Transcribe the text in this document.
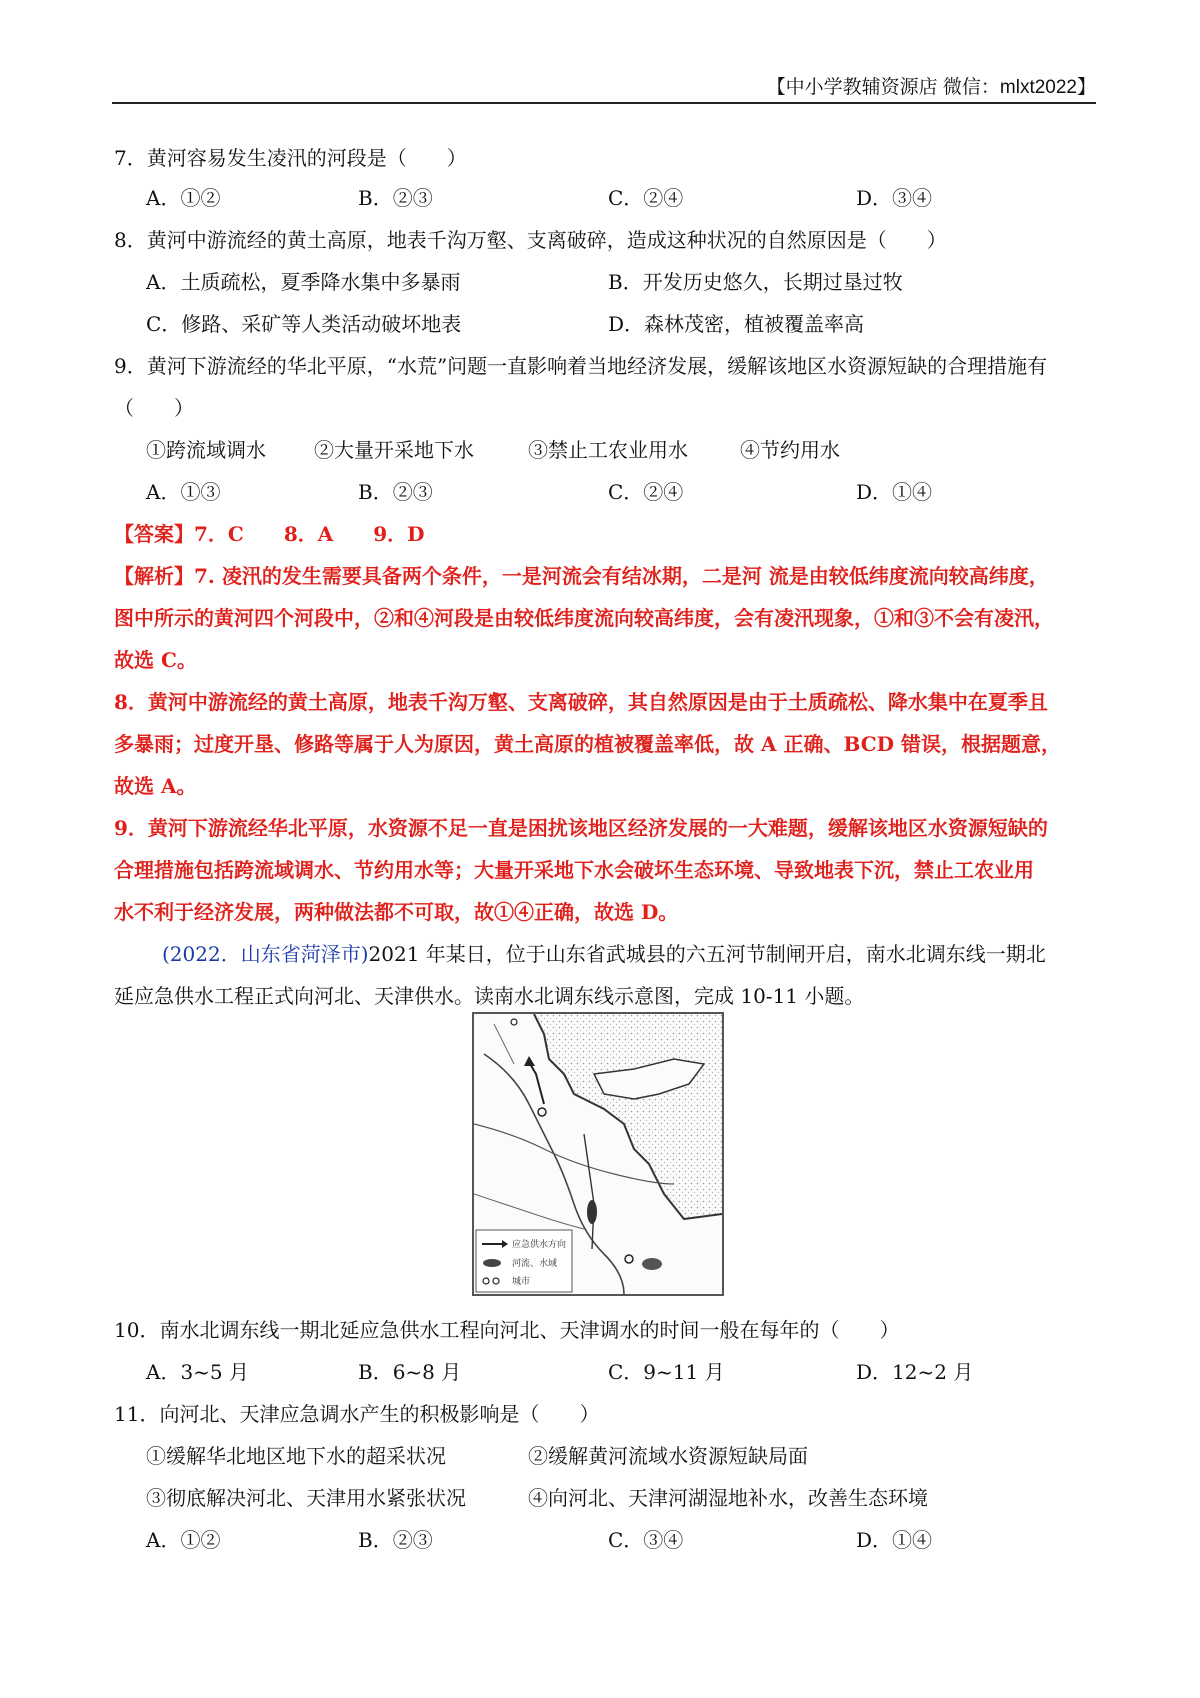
【中小学教辅资源店 微信：mlxt2022】
7．黄河容易发生凌汛的河段是（　　）
A．①②	B．②③	C．②④	D．③④
8．黄河中游流经的黄土高原，地表千沟万壑、支离破碎，造成这种状况的自然原因是（　　）
A．土质疏松，夏季降水集中多暴雨	B．开发历史悠久，长期过垦过牧
C．修路、采矿等人类活动破坏地表	D．森林茂密，植被覆盖率高
9．黄河下游流经的华北平原，“水荒”问题一直影响着当地经济发展，缓解该地区水资源短缺的合理措施有
（　　）
①跨流域调水 ②大量开采地下水	③禁止工农业用水	④节约用水
A．①③	B．②③	C．②④	D．①④
【答案】7．C　　8．A　　9．D
【解析】7. 凌汛的发生需要具备两个条件，一是河流会有结冰期，二是河 流是由较低纬度流向较高纬度，
图中所示的黄河四个河段中，②和④河段是由较低纬度流向较高纬度，会有凌汛现象，①和③不会有凌汛，
故选 C。
8．黄河中游流经的黄土高原，地表千沟万壑、支离破碎，其自然原因是由于土质疏松、降水集中在夏季且
多暴雨；过度开垦、修路等属于人为原因，黄土高原的植被覆盖率低，故 A 正确、BCD 错误，根据题意，
故选 A。
9．黄河下游流经华北平原，水资源不足一直是困扰该地区经济发展的一大难题，缓解该地区水资源短缺的
合理措施包括跨流域调水、节约用水等；大量开采地下水会破坏生态环境、导致地表下沉，禁止工农业用
水不利于经济发展，两种做法都不可取，故①④正确，故选 D。
(2022．山东省菏泽市)2021 年某日，位于山东省武城县的六五河节制闸开启，南水北调东线一期北
延应急供水工程正式向河北、天津供水。读南水北调东线示意图，完成 10-11 小题。
应急供水方向
河流、水域
城市
10．南水北调东线一期北延应急供水工程向河北、天津调水的时间一般在每年的（　　）
A．3~5 月	B．6~8 月	C．9~11 月	D．12~2 月
11．向河北、天津应急调水产生的积极影响是（　　）
①缓解华北地区地下水的超采状况	②缓解黄河流域水资源短缺局面
③彻底解决河北、天津用水紧张状况	④向河北、天津河湖湿地补水，改善生态环境
A．①②	B．②③	C．③④	D．①④
